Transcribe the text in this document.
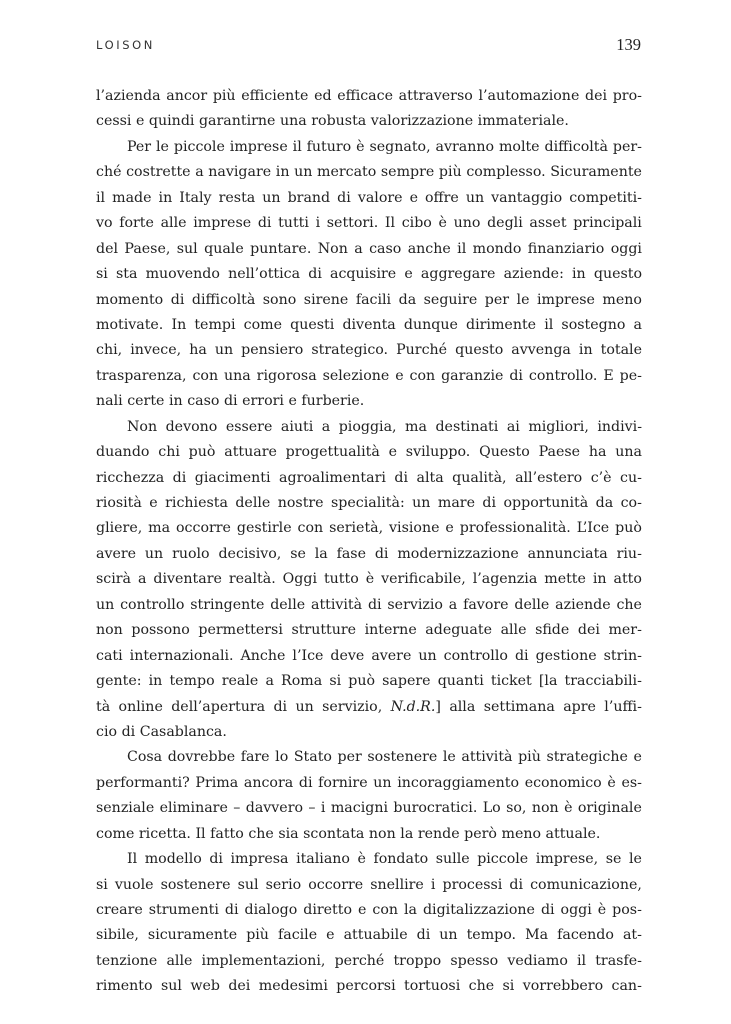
LOISON	139
l’azienda ancor più efficiente ed efficace attraverso l’automazione dei pro-
cessi e quindi garantirne una robusta valorizzazione immateriale.
Per le piccole imprese il futuro è segnato, avranno molte difficoltà per-
ché costrette a navigare in un mercato sempre più complesso. Sicuramente
il made in Italy resta un brand di valore e offre un vantaggio competiti-
vo forte alle imprese di tutti i settori. Il cibo è uno degli asset principali
del Paese, sul quale puntare. Non a caso anche il mondo finanziario oggi
si sta muovendo nell’ottica di acquisire e aggregare aziende: in questo
momento di difficoltà sono sirene facili da seguire per le imprese meno
motivate. In tempi come questi diventa dunque dirimente il sostegno a
chi, invece, ha un pensiero strategico. Purché questo avvenga in totale
trasparenza, con una rigorosa selezione e con garanzie di controllo. E pe-
nali certe in caso di errori e furberie.
Non devono essere aiuti a pioggia, ma destinati ai migliori, indivi-
duando chi può attuare progettualità e sviluppo. Questo Paese ha una
ricchezza di giacimenti agroalimentari di alta qualità, all’estero c’è cu-
riosità e richiesta delle nostre specialità: un mare di opportunità da co-
gliere, ma occorre gestirle con serietà, visione e professionalità. L’Ice può
avere un ruolo decisivo, se la fase di modernizzazione annunciata riu-
scirà a diventare realtà. Oggi tutto è verificabile, l’agenzia mette in atto
un controllo stringente delle attività di servizio a favore delle aziende che
non possono permettersi strutture interne adeguate alle sfide dei mer-
cati internazionali. Anche l’Ice deve avere un controllo di gestione strin-
gente: in tempo reale a Roma si può sapere quanti ticket [la tracciabili-
tà online dell’apertura di un servizio, N.d.R.] alla settimana apre l’uffi-
cio di Casablanca.
Cosa dovrebbe fare lo Stato per sostenere le attività più strategiche e
performanti? Prima ancora di fornire un incoraggiamento economico è es-
senziale eliminare – davvero – i macigni burocratici. Lo so, non è originale
come ricetta. Il fatto che sia scontata non la rende però meno attuale.
Il modello di impresa italiano è fondato sulle piccole imprese, se le
si vuole sostenere sul serio occorre snellire i processi di comunicazione,
creare strumenti di dialogo diretto e con la digitalizzazione di oggi è pos-
sibile, sicuramente più facile e attuabile di un tempo. Ma facendo at-
tenzione alle implementazioni, perché troppo spesso vediamo il trasfe-
rimento sul web dei medesimi percorsi tortuosi che si vorrebbero can-
